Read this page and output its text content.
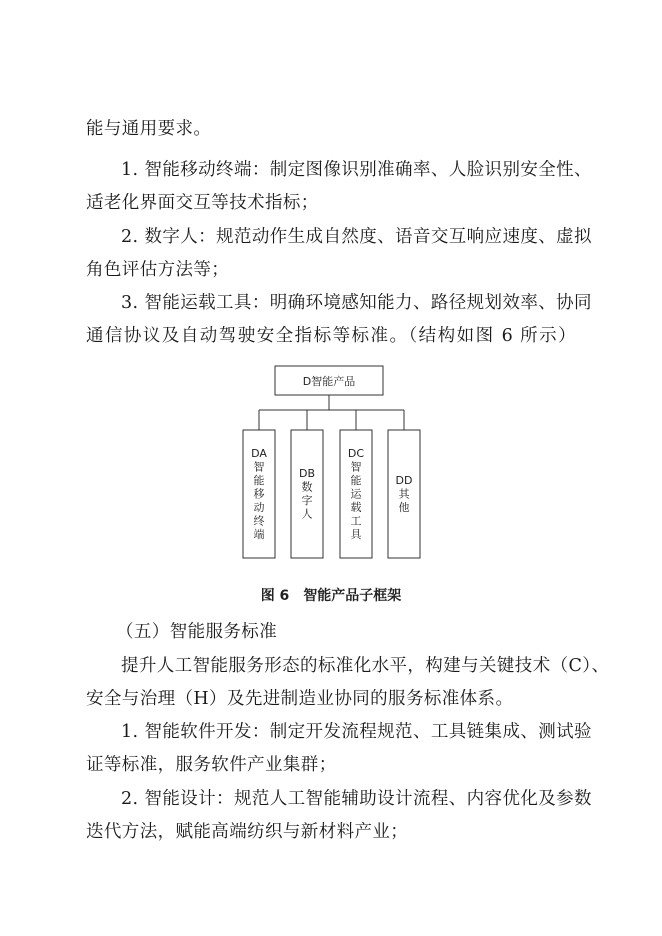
能与通用要求。
1. 智能移动终端：制定图像识别准确率、人脸识别安全性、
适老化界面交互等技术指标；
2. 数字人：规范动作生成自然度、语音交互响应速度、虚拟
角色评估方法等；
3. 智能运载工具：明确环境感知能力、路径规划效率、协同
通信协议及自动驾驶安全指标等标准。（结构如图 6 所示）
D智能产品
DA 智能移动终端
DB 数字人
DC 智能运载工具
DD 其他
图 6 智能产品子框架
（五）智能服务标准
提升人工智能服务形态的标准化水平，构建与关键技术（C）、
安全与治理（H）及先进制造业协同的服务标准体系。
1. 智能软件开发：制定开发流程规范、工具链集成、测试验
证等标准，服务软件产业集群；
2. 智能设计：规范人工智能辅助设计流程、内容优化及参数
迭代方法，赋能高端纺织与新材料产业；
